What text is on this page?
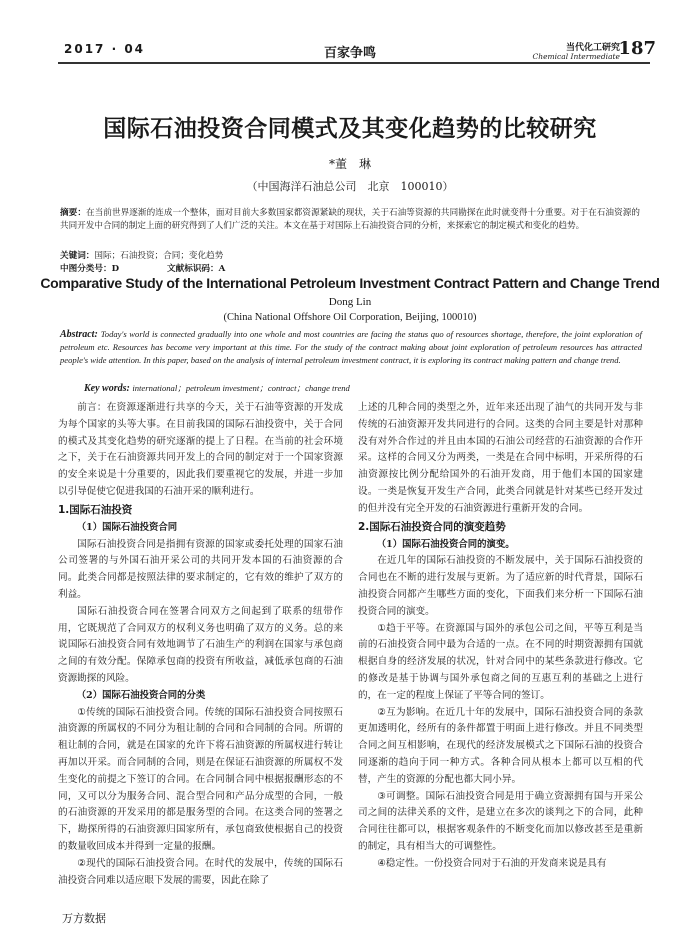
2017 · 04	百家争鸣	当代化工研究
Chemical Intermediate
187
国际石油投资合同模式及其变化趋势的比较研究
*董　琳
（中国海洋石油总公司　北京　100010）
摘要：在当前世界逐渐的连成一个整体，面对目前大多数国家都资源紧缺的现状，关于石油等资源的共同勘探在此时就变得十分重要。对于在石油资源的共同开发中合同的制定上面的研究得到了人们广泛的关注。本文在基于对国际上石油投资合同的分析，来探索它的制定模式和变化的趋势。
关键词：国际；石油投资；合同；变化趋势
中图分类号：D	文献标识码：A
Comparative Study of the International Petroleum Investment Contract Pattern and Change Trend
Dong Lin
(China National Offshore Oil Corporation, Beijing, 100010)
Abstract: Today's world is connected gradually into one whole and most countries are facing the status quo of resources shortage, therefore, the joint exploration of petroleum etc. Resources has become very important at this time. For the study of the contract making about joint exploration of petroleum resources has attracted people's wide attention. In this paper, based on the analysis of internal petroleum investment contract, it is exploring its contract making pattern and change trend.
Key words: international；petroleum investment；contract；change trend

前言：在资源逐渐进行共享的今天，关于石油等资源的开发成为每个国家的头等大事。在目前我国的国际石油投资中，关于合同的模式及其变化趋势的研究逐渐的提上了日程。在当前的社会环境之下，关于在石油资源共同开发上的合同的制定对于一个国家资源的安全来说是十分重要的，因此我们要重视它的发展，并进一步加以引导促使它促进我国的石油开采的顺利进行。

1.国际石油投资

（1）国际石油投资合同

国际石油投资合同是指拥有资源的国家或委托处理的国家石油公司签署的与外国石油开采公司的共同开发本国的石油资源的合同。此类合同都是按照法律的要求制定的，它有效的维护了双方的利益。

国际石油投资合同在签署合同双方之间起到了联系的纽带作用，它既规范了合同双方的权利义务也明确了双方的义务。总的来说国际石油投资合同有效地调节了石油生产的利润在国家与承包商之间的有效分配。保障承包商的投资有所收益，减低承包商的石油资源勘探的风险。

（2）国际石油投资合同的分类

①传统的国际石油投资合同。传统的国际石油投资合同按照石油资源的所属权的不同分为租让制的合同和合同制的合同。所谓的租让制的合同，就是在国家的允许下将石油资源的所属权进行转让再加以开采。而合同制的合同，则是在保证石油资源的所属权不发生变化的前提之下签订的合同。在合同制合同中根据报酬形态的不同，又可以分为服务合同、混合型合同和产品分成型的合同，一般的石油资源的开发采用的都是服务型的合同。在这类合同的签署之下，勘探所得的石油资源归国家所有，承包商致使根据自己的投资的数量收回成本并得到一定量的报酬。

②现代的国际石油投资合同。在时代的发展中，传统的国际石油投资合同难以适应眼下发展的需要，因此在除了

上述的几种合同的类型之外，近年来还出现了油气的共同开发与非传统的石油资源开发共同进行的合同。这类的合同主要是针对那种没有对外合作过的并且由本国的石油公司经营的石油资源的合作开采。这样的合同又分为两类，一类是在合同中标明，开采所得的石油资源按比例分配给国外的石油开发商，用于他们本国的国家建设。一类是恢复开发生产合同，此类合同就是针对某些已经开发过的但并没有完全开发的石油资源进行重新开发的合同。

2.国际石油投资合同的演变趋势

（1）国际石油投资合同的演变。

在近几年的国际石油投资的不断发展中，关于国际石油投资的合同也在不断的进行发展与更新。为了适应新的时代背景，国际石油投资合同都产生哪些方面的变化，下面我们来分析一下国际石油投资合同的演变。

①趋于平等。在资源国与国外的承包公司之间，平等互利是当前的石油投资合同中最为合适的一点。在不同的时期资源拥有国就根据自身的经济发展的状况，针对合同中的某些条款进行修改。它的修改是基于协调与国外承包商之间的互惠互利的基础之上进行的，在一定的程度上保证了平等合同的签订。

②互为影响。在近几十年的发展中，国际石油投资合同的条款更加透明化，经所有的条件都置于明面上进行修改。并且不同类型合同之间互相影响，在现代的经济发展模式之下国际石油的投资合同逐渐的趋向于同一种方式。各种合同从根本上都可以互相的代替，产生的资源的分配也都大同小异。

③可调整。国际石油投资合同是用于确立资源拥有国与开采公司之间的法律关系的文件，是建立在多次的谈判之下的合同，此种合同往往都可以，根据客观条件的不断变化而加以修改甚至是重新的制定，具有相当大的可调整性。

④稳定性。一份投资合同对于石油的开发商来说是具有

万方数据
